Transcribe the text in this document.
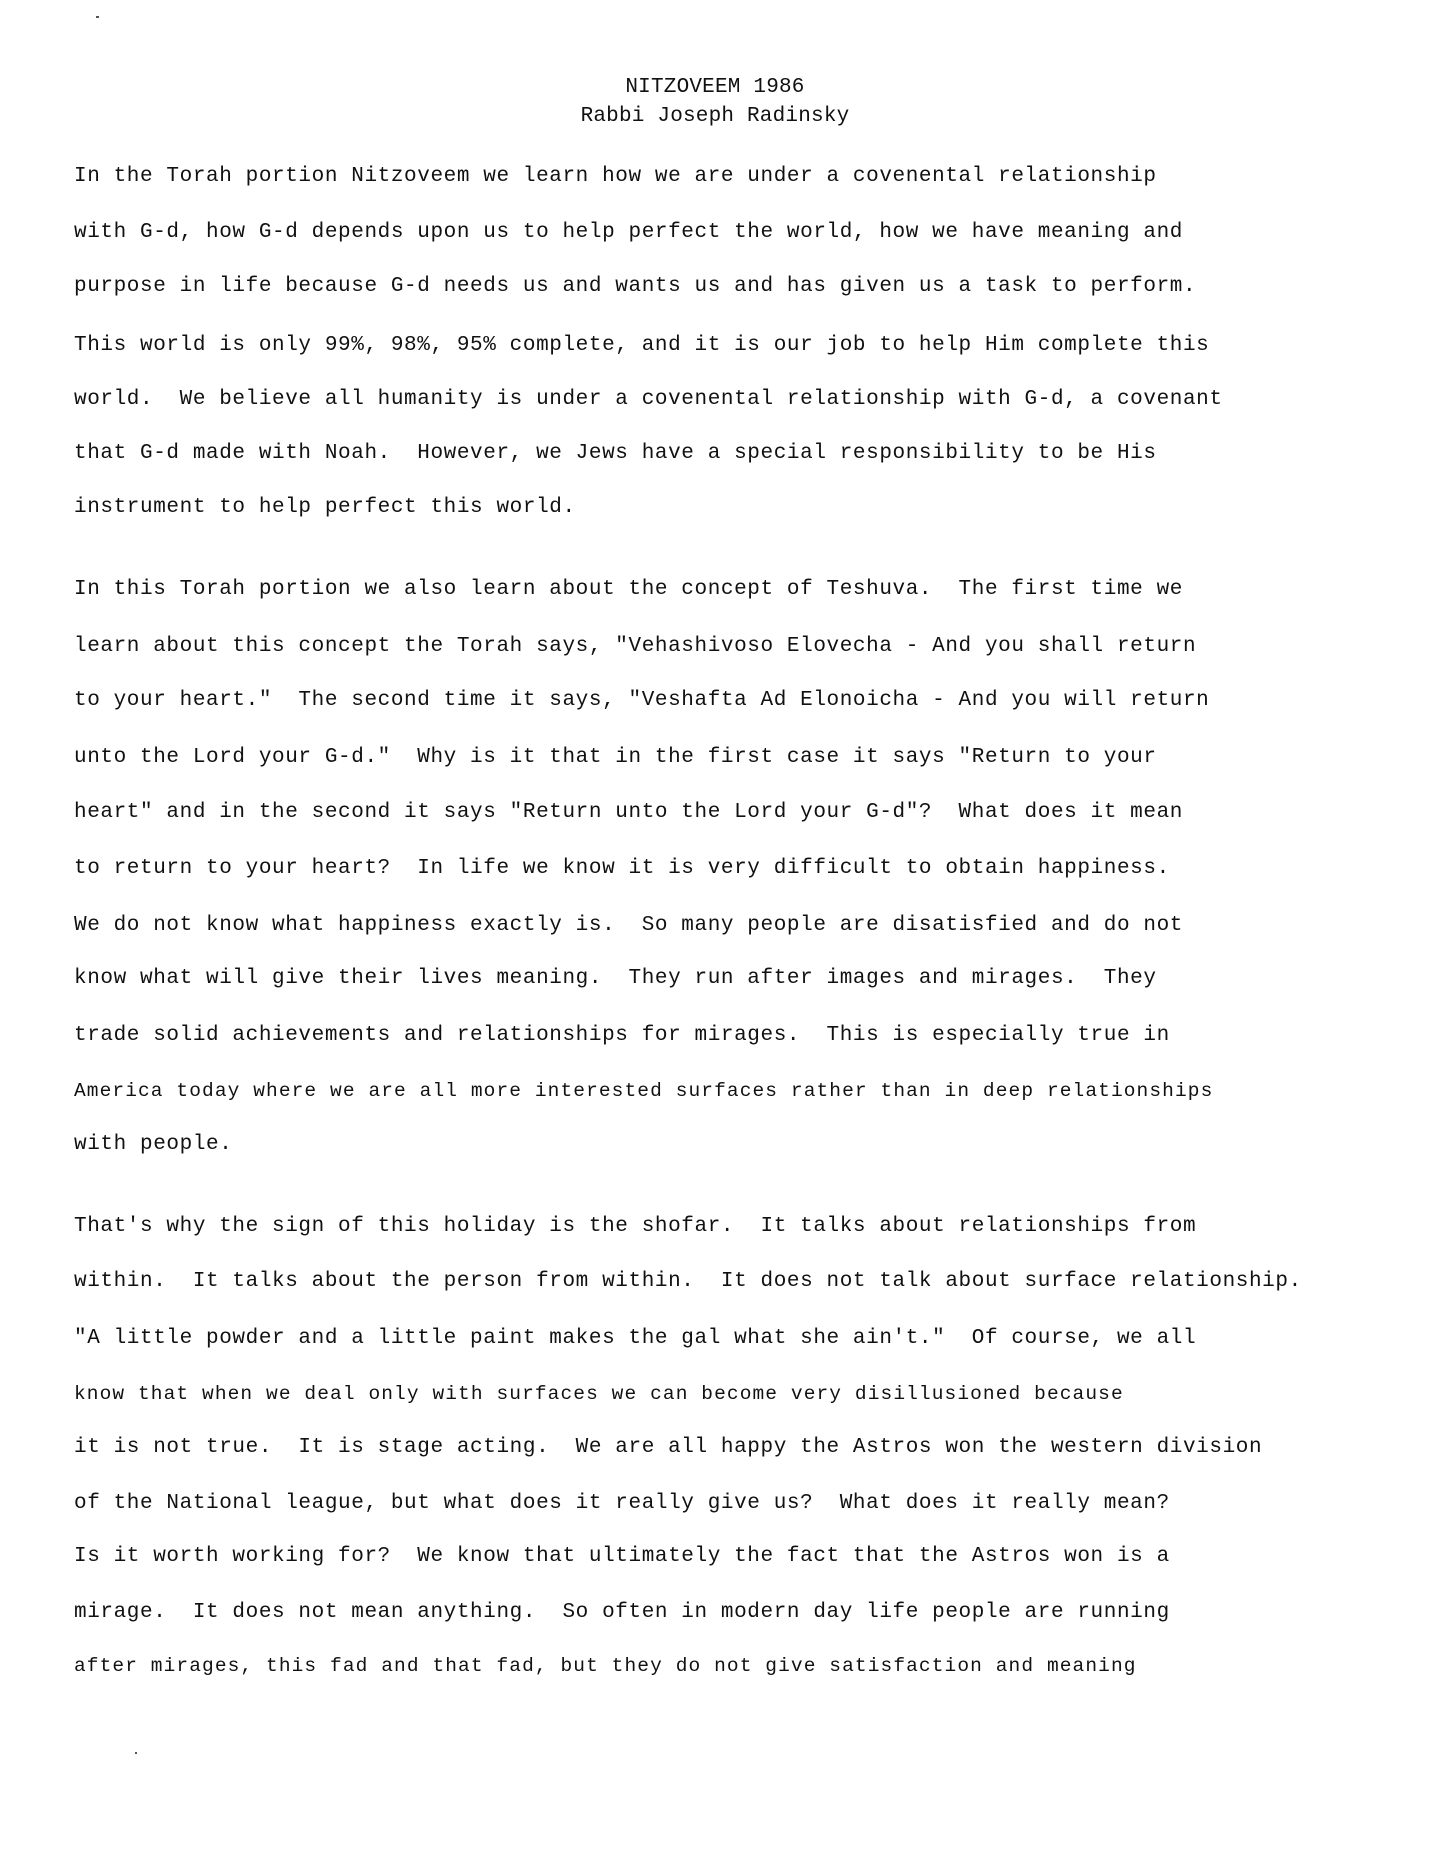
NITZOVEEM 1986
Rabbi Joseph Radinsky
In the Torah portion Nitzoveem we learn how we are under a covenental relationship
with G-d, how G-d depends upon us to help perfect the world, how we have meaning and
purpose in life because G-d needs us and wants us and has given us a task to perform.
This world is only 99%, 98%, 95% complete, and it is our job to help Him complete this
world.  We believe all humanity is under a covenental relationship with G-d, a covenant
that G-d made with Noah.  However, we Jews have a special responsibility to be His
instrument to help perfect this world.
In this Torah portion we also learn about the concept of Teshuva.  The first time we
learn about this concept the Torah says, "Vehashivoso Elovecha - And you shall return
to your heart."  The second time it says, "Veshafta Ad Elonoicha - And you will return
unto the Lord your G-d."  Why is it that in the first case it says "Return to your
heart" and in the second it says "Return unto the Lord your G-d"?  What does it mean
to return to your heart?  In life we know it is very difficult to obtain happiness.
We do not know what happiness exactly is.  So many people are disatisfied and do not
know what will give their lives meaning.  They run after images and mirages.  They
trade solid achievements and relationships for mirages.  This is especially true in
America today where we are all more interested surfaces rather than in deep relationships
with people.
That's why the sign of this holiday is the shofar.  It talks about relationships from
within.  It talks about the person from within.  It does not talk about surface relationship.
"A little powder and a little paint makes the gal what she ain't."  Of course, we all
know that when we deal only with surfaces we can become very disillusioned because
it is not true.  It is stage acting.  We are all happy the Astros won the western division
of the National league, but what does it really give us?  What does it really mean?
Is it worth working for?  We know that ultimately the fact that the Astros won is a
mirage.  It does not mean anything.  So often in modern day life people are running
after mirages, this fad and that fad, but they do not give satisfaction and meaning
